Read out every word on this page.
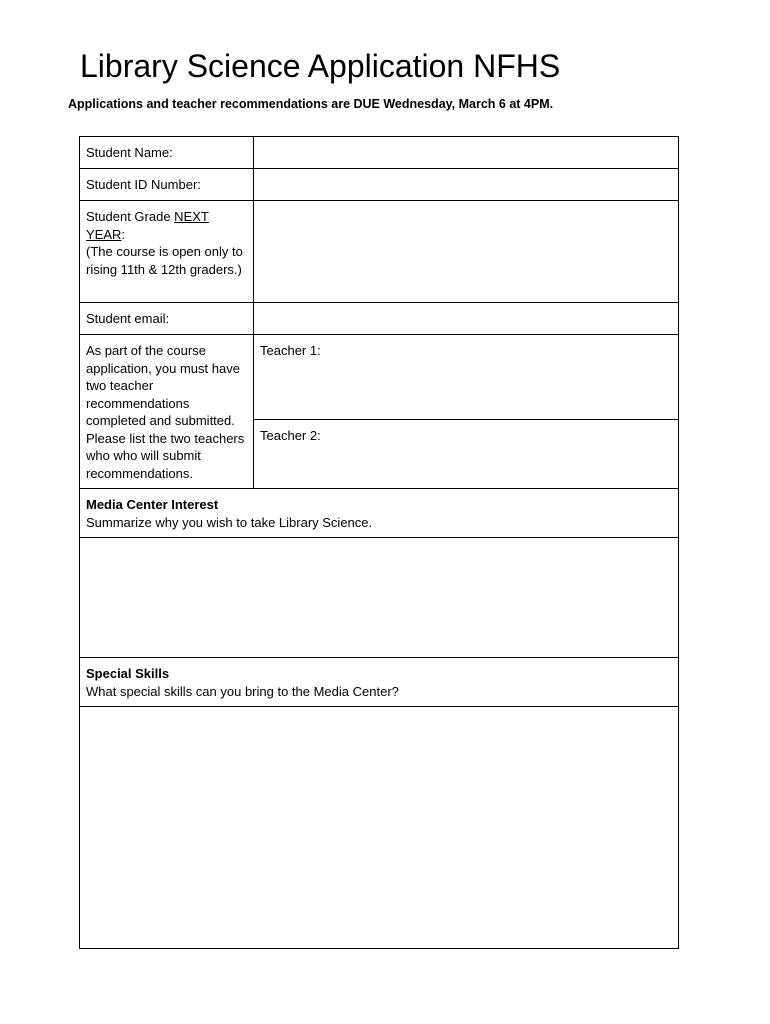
Library Science Application NFHS

Applications and teacher recommendations are DUE Wednesday, March 6 at 4PM.

Student Name:	
Student ID Number:	
Student Grade NEXT YEAR:
(The course is open only to rising 11th & 12th graders.)	
Student email:	
As part of the course application, you must have two teacher recommendations completed and submitted. Please list the two teachers who who will submit recommendations.	Teacher 1:
Teacher 2:

Media Center Interest
Summarize why you wish to take Library Science.	

Special Skills
What special skills can you bring to the Media Center?	
